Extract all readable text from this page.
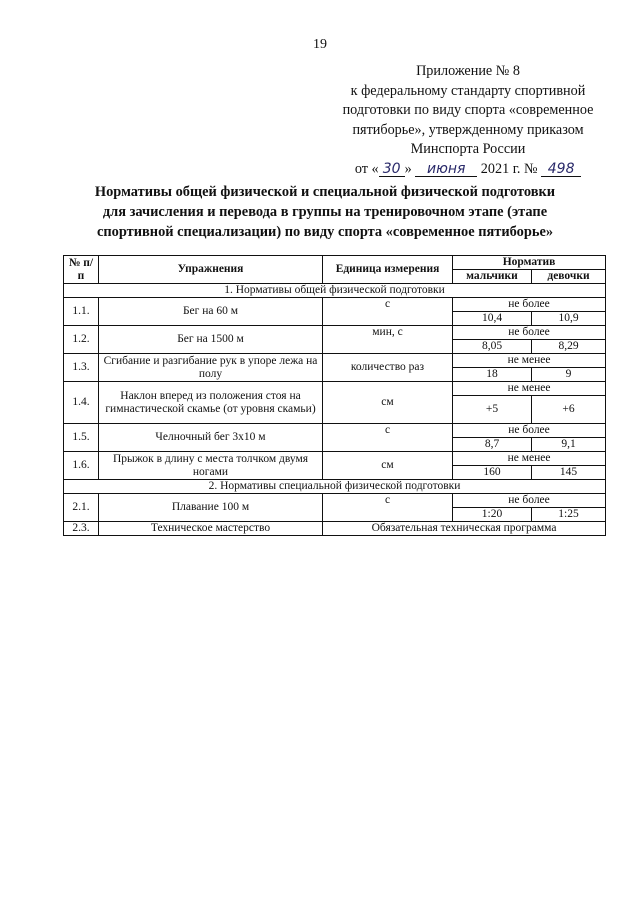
19
Приложение № 8
к федеральному стандарту спортивной
подготовки по виду спорта «современное
пятиборье», утвержденному приказом
Минспорта России
от « 30 » июня 2021 г. № 498
Нормативы общей физической и специальной физической подготовки
для зачисления и перевода в группы на тренировочном этапе (этапе
спортивной специализации) по виду спорта «современное пятиборье»
№ п/п	Упражнения	Единица измерения	Норматив	
			мальчики	девочки
1. Нормативы общей физической подготовки				
1.1.	Бег на 60 м	с	не более	
			10,4	10,9
1.2.	Бег на 1500 м	мин, с	не более	
			8,05	8,29
1.3.	Сгибание и разгибание рук в упоре лежа на полу	количество раз	не менее	
			18	9
1.4.	Наклон вперед из положения стоя на гимнастической скамье (от уровня скамьи)	см	не менее	
			+5	+6
1.5.	Челночный бег 3х10 м	с	не более	
			8,7	9,1
1.6.	Прыжок в длину с места толчком двумя ногами	см	не менее	
			160	145
2. Нормативы специальной физической подготовки				
2.1.	Плавание 100 м	с	не более	
			1:20	1:25
2.3.	Техническое мастерство	Обязательная техническая программа		
